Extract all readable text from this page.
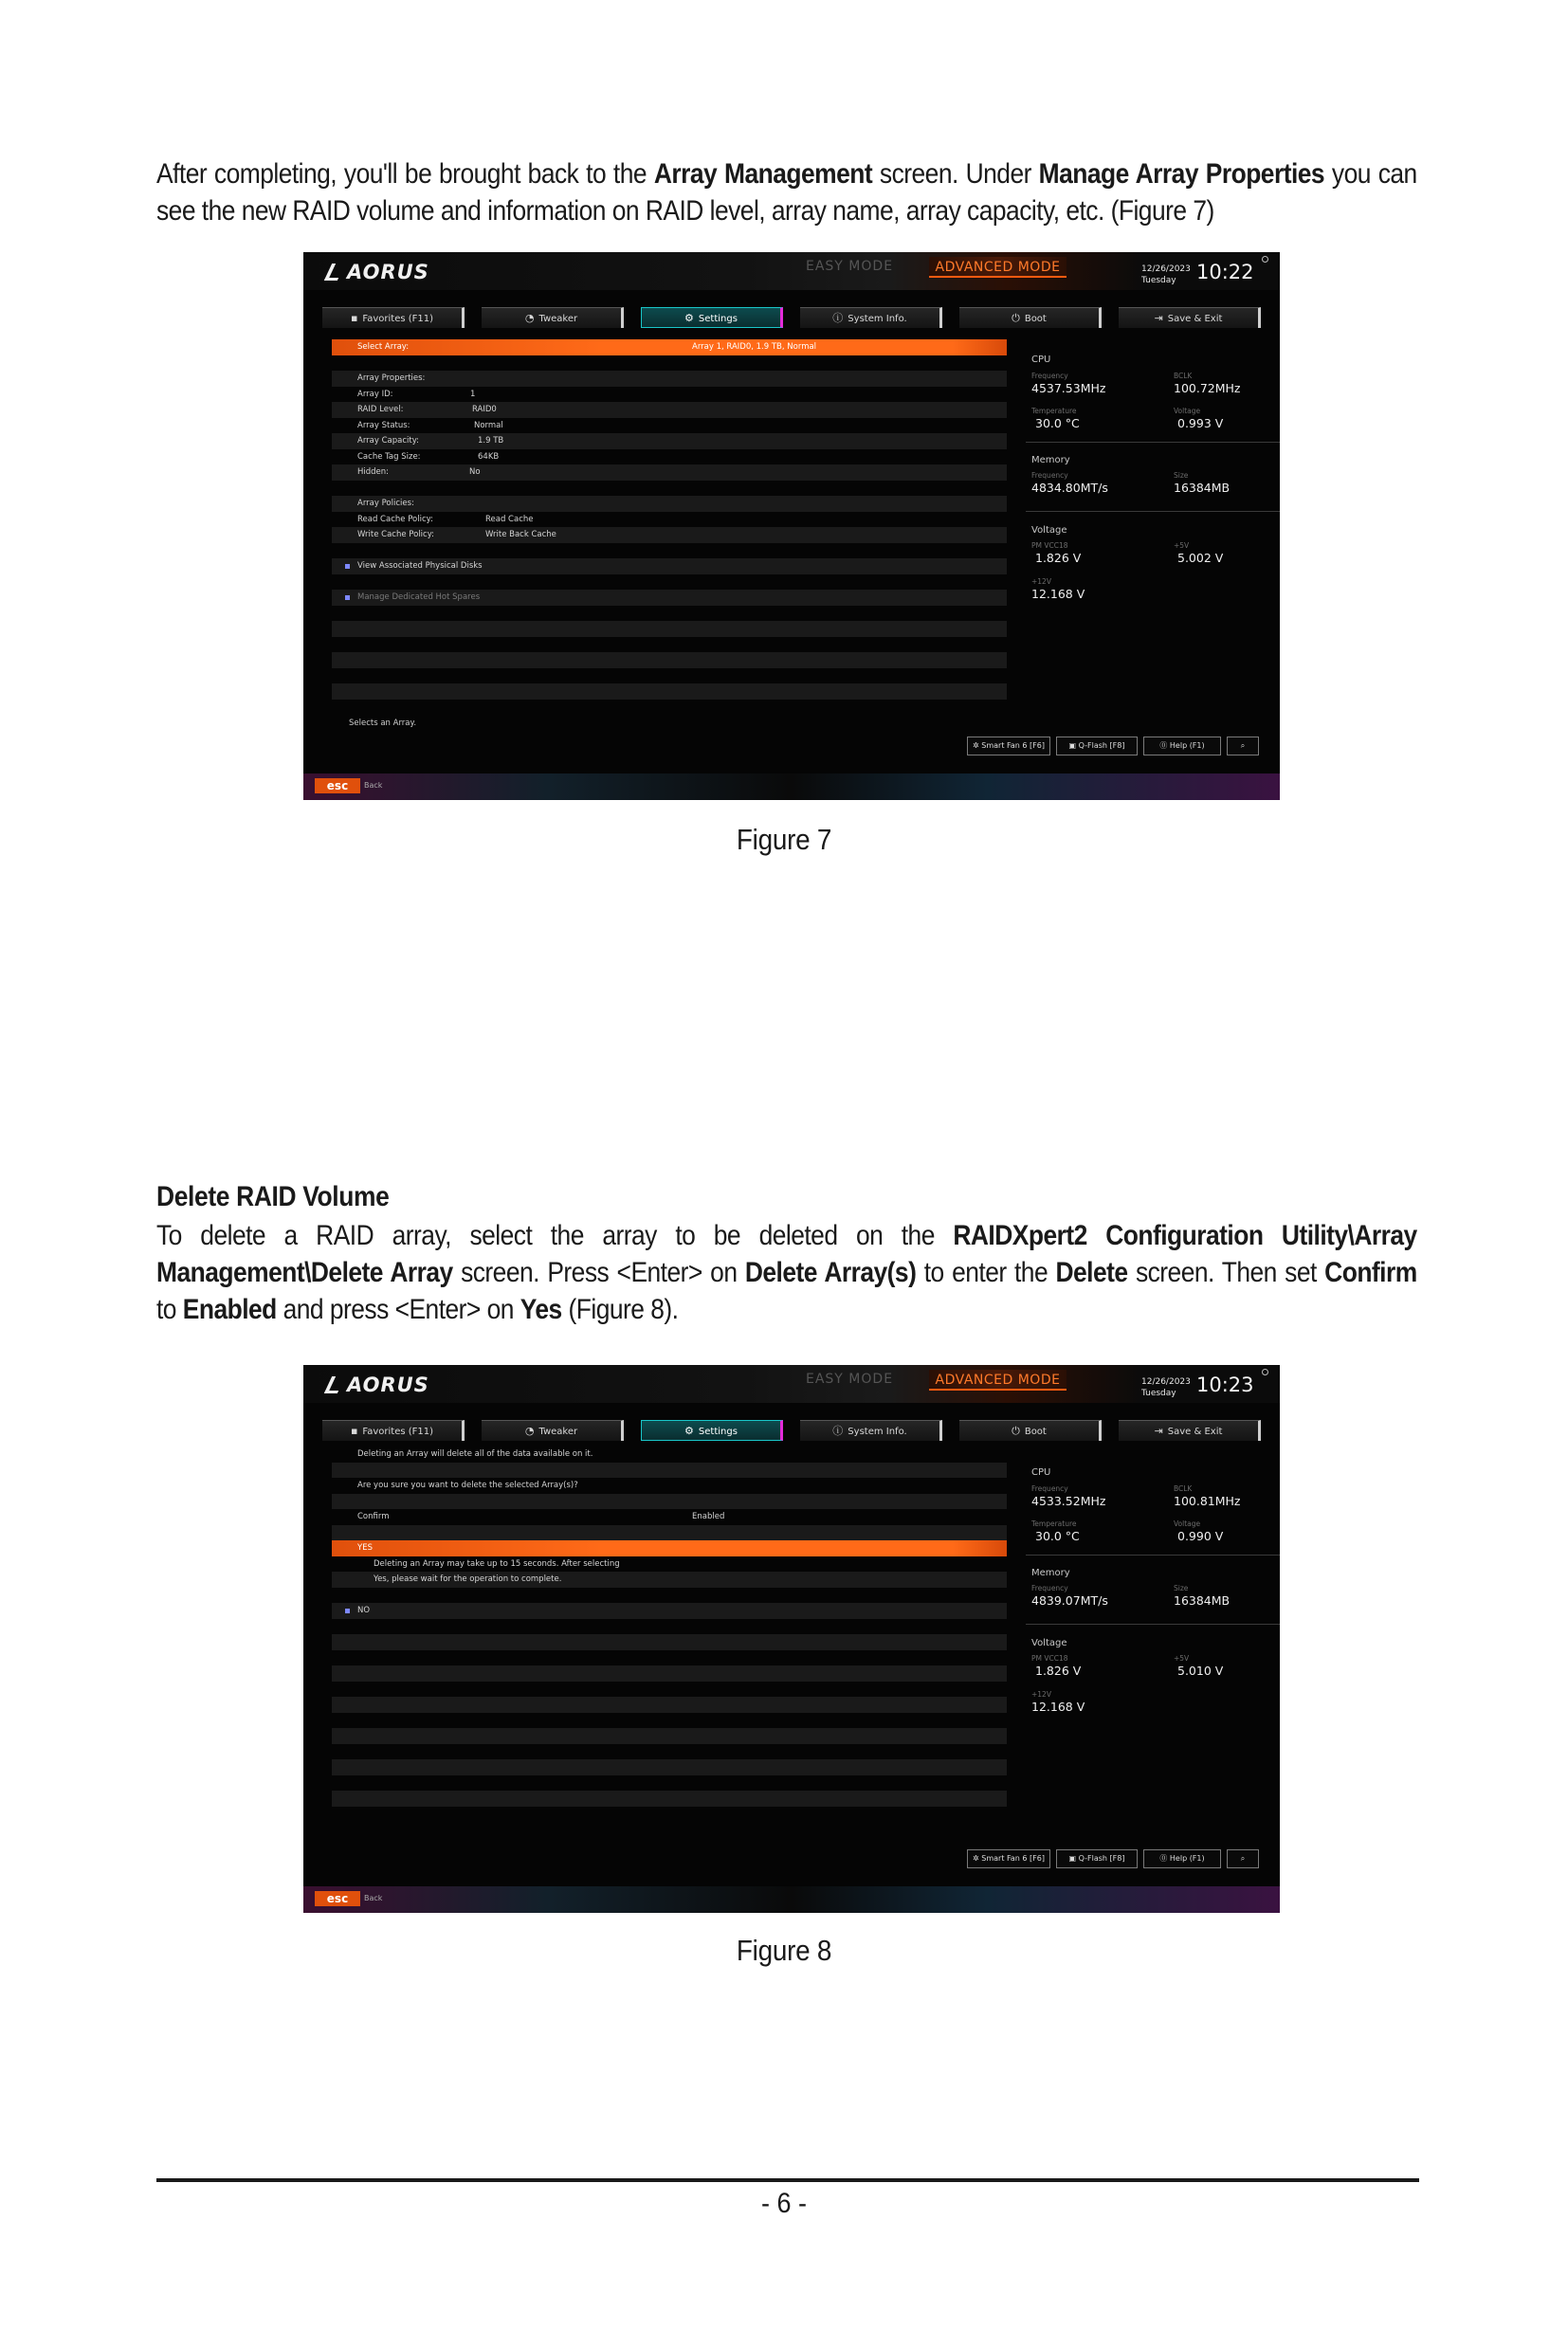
After completing, you'll be brought back to the Array Management screen. Under Manage Array Properties you can see the new RAID volume and information on RAID level, array name, array capacity, etc. (Figure 7)
AORUS	EASY MODE	ADVANCED MODE	12/26/2023
Tuesday	10:22
▪ Favorites (F11)	◔ Tweaker	⚙ Settings	ⓘ System Info.	⏻ Boot	⇥ Save & Exit
Select Array:	Array 1, RAID0, 1.9 TB, Normal
Array Properties:
Array ID:	1
RAID Level:	RAID0
Array Status:	Normal
Array Capacity:	1.9 TB
Cache Tag Size:	64KB
Hidden:	No
Array Policies:
Read Cache Policy:	Read Cache
Write Cache Policy:	Write Back Cache
View Associated Physical Disks
Manage Dedicated Hot Spares
CPU
Frequency	BCLK
4537.53MHz	100.72MHz
Temperature	Voltage
30.0 °C	0.993 V
Memory
Frequency	Size
4834.80MT/s	16384MB
Voltage
PM VCC18	+5V
1.826 V	5.002 V
+12V
12.168 V
Selects an Array.
✲ Smart Fan 6 [F6]	▣ Q-Flash [F8]	⓪ Help (F1)	⌕
esc	Back
Figure 7
Delete RAID Volume
To delete a RAID array, select the array to be deleted on the RAIDXpert2 Configuration Utility\Array Management\Delete Array screen. Press <Enter> on Delete Array(s) to enter the Delete screen. Then set Confirm to Enabled and press <Enter> on Yes (Figure 8).
AORUS	EASY MODE	ADVANCED MODE	12/26/2023
Tuesday	10:23
▪ Favorites (F11)	◔ Tweaker	⚙ Settings	ⓘ System Info.	⏻ Boot	⇥ Save & Exit
Deleting an Array will delete all of the data available on it.
Are you sure you want to delete the selected Array(s)?
Confirm	Enabled
YES
Deleting an Array may take up to 15 seconds. After selecting
Yes, please wait for the operation to complete.
NO
CPU
Frequency	BCLK
4533.52MHz	100.81MHz
Temperature	Voltage
30.0 °C	0.990 V
Memory
Frequency	Size
4839.07MT/s	16384MB
Voltage
PM VCC18	+5V
1.826 V	5.010 V
+12V
12.168 V
✲ Smart Fan 6 [F6]	▣ Q-Flash [F8]	⓪ Help (F1)	⌕
esc	Back
Figure 8
- 6 -
